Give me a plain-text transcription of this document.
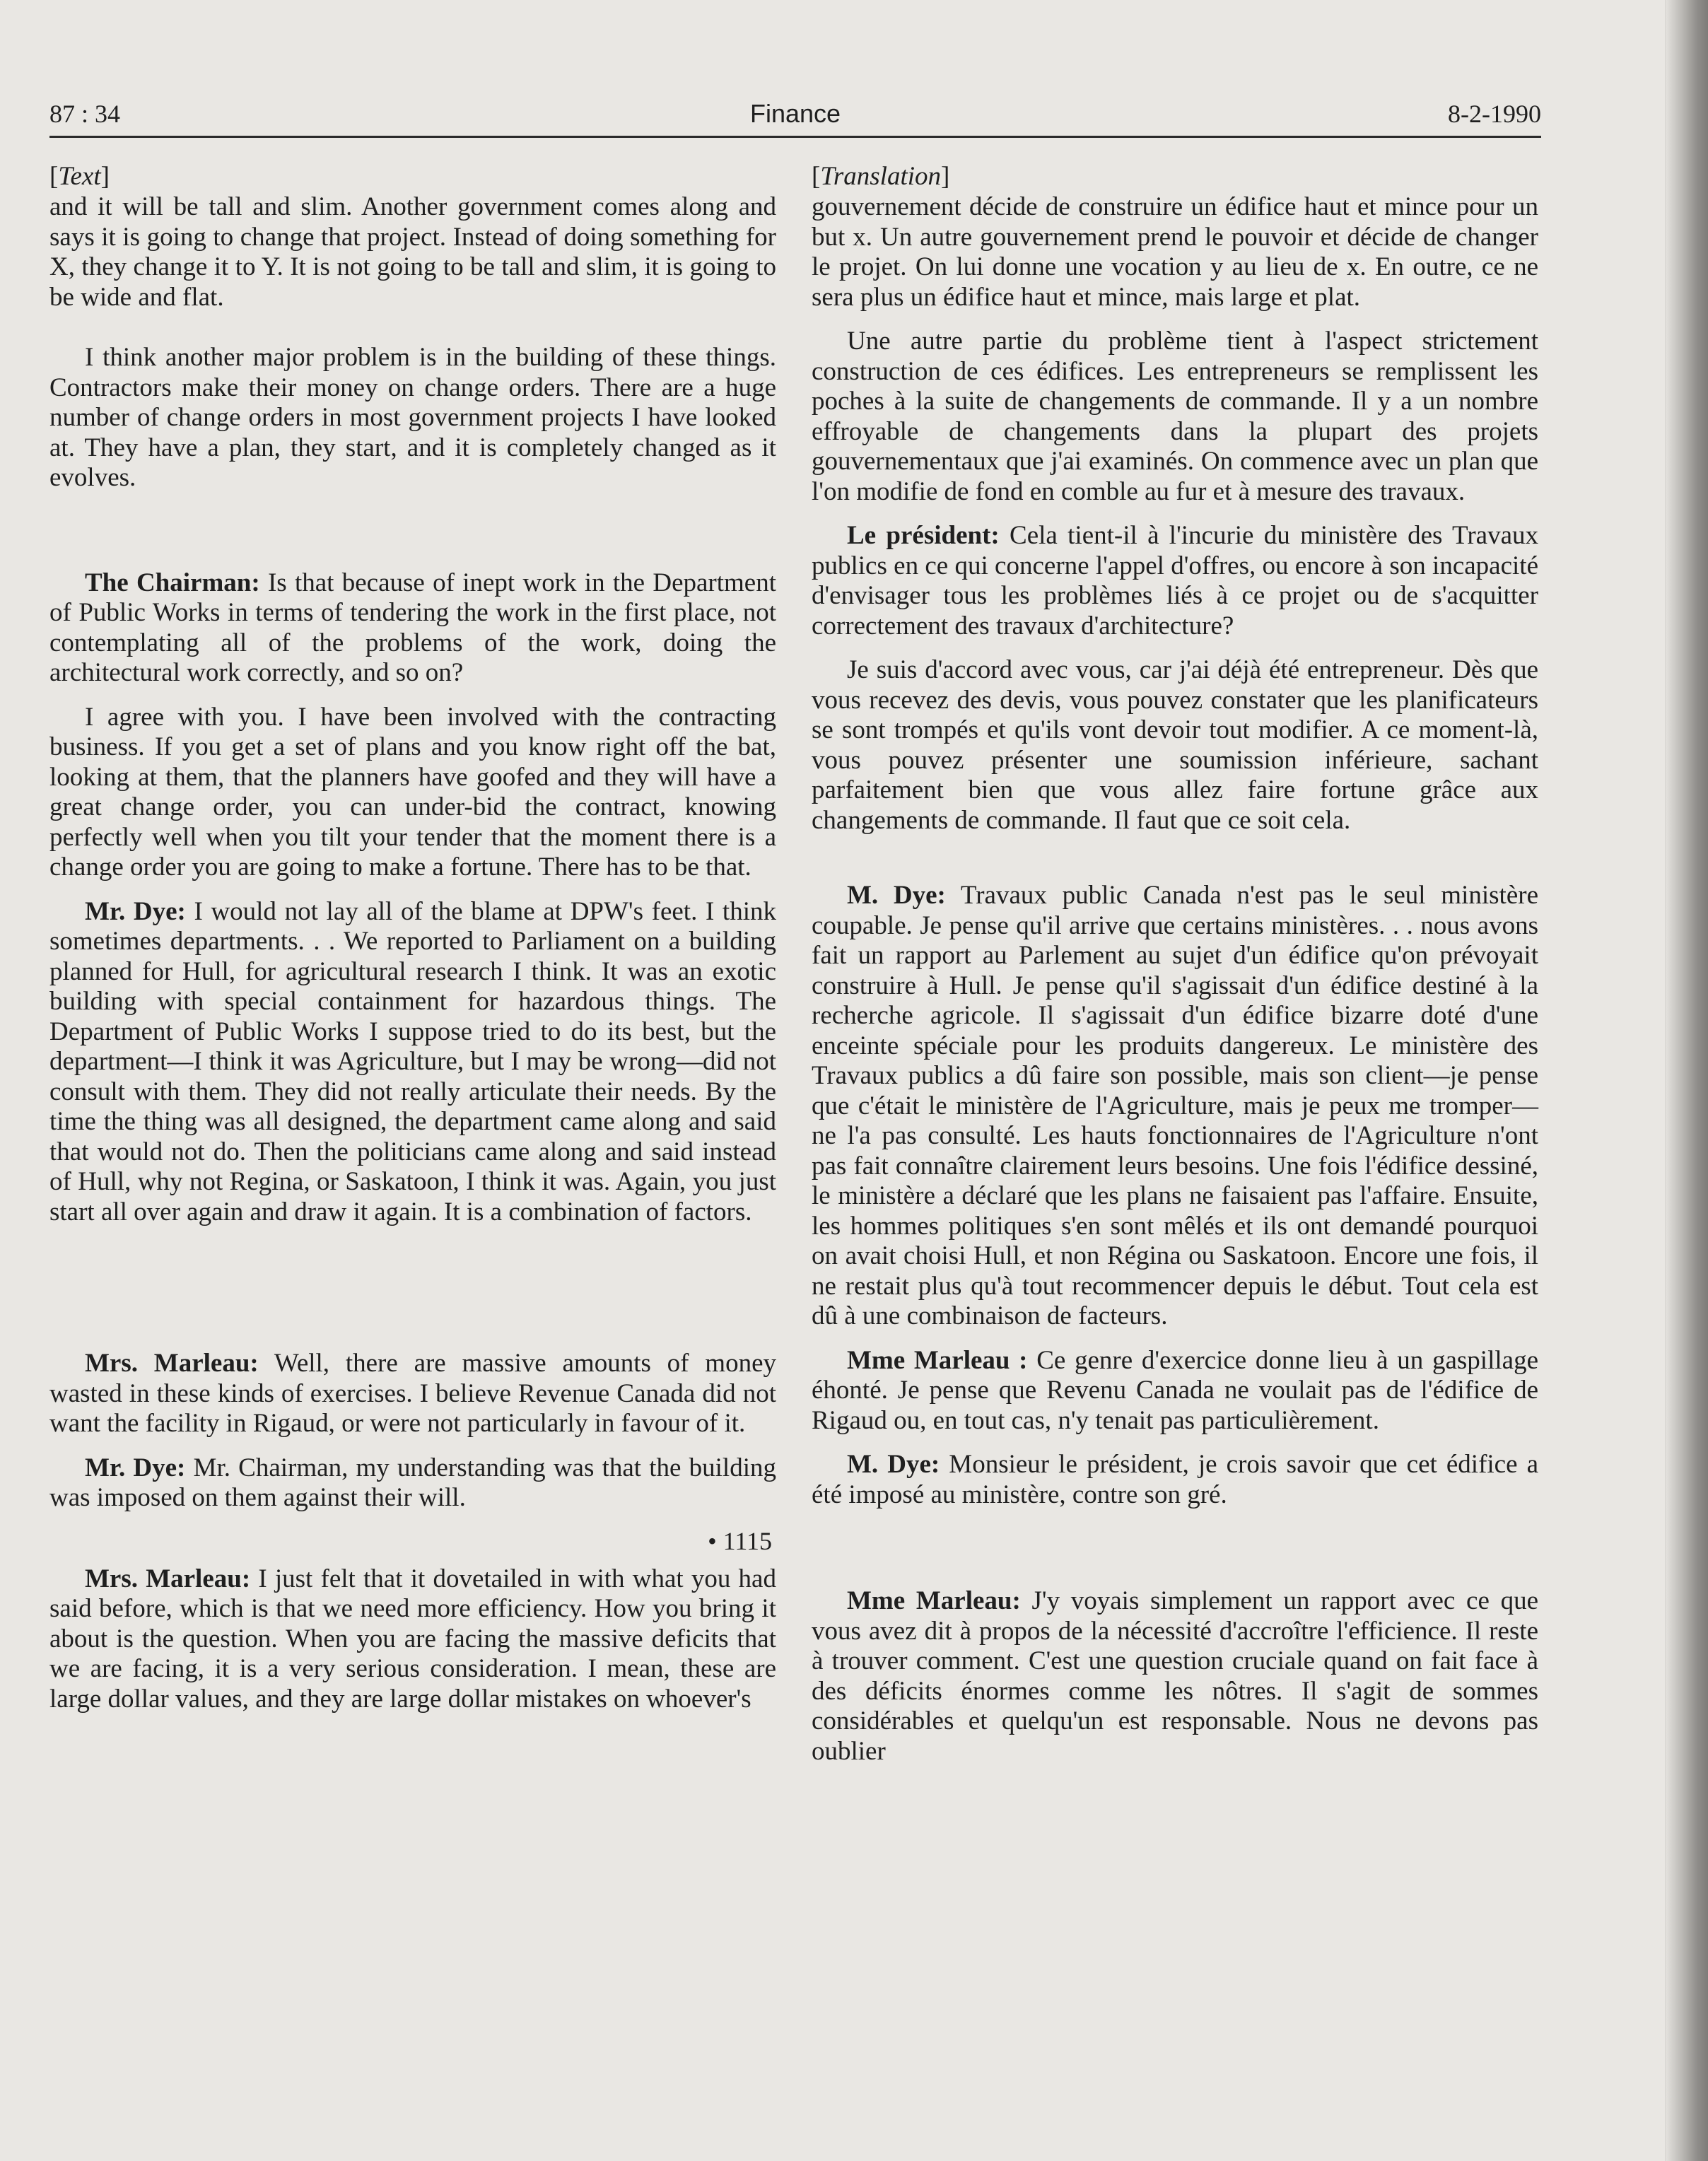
87 : 34	Finance	8-2-1990
[Text]

and it will be tall and slim. Another government comes along and says it is going to change that project. Instead of doing something for X, they change it to Y. It is not going to be tall and slim, it is going to be wide and flat.

I think another major problem is in the building of these things. Contractors make their money on change orders. There are a huge number of change orders in most government projects I have looked at. They have a plan, they start, and it is completely changed as it evolves.

The Chairman: Is that because of inept work in the Department of Public Works in terms of tendering the work in the first place, not contemplating all of the problems of the work, doing the architectural work correctly, and so on?

I agree with you. I have been involved with the contracting business. If you get a set of plans and you know right off the bat, looking at them, that the planners have goofed and they will have a great change order, you can under-bid the contract, knowing perfectly well when you tilt your tender that the moment there is a change order you are going to make a fortune. There has to be that.

Mr. Dye: I would not lay all of the blame at DPW's feet. I think sometimes departments. . . We reported to Parliament on a building planned for Hull, for agricultural research I think. It was an exotic building with special containment for hazardous things. The Department of Public Works I suppose tried to do its best, but the department—I think it was Agriculture, but I may be wrong—did not consult with them. They did not really articulate their needs. By the time the thing was all designed, the department came along and said that would not do. Then the politicians came along and said instead of Hull, why not Regina, or Saskatoon, I think it was. Again, you just start all over again and draw it again. It is a combination of factors.

Mrs. Marleau: Well, there are massive amounts of money wasted in these kinds of exercises. I believe Revenue Canada did not want the facility in Rigaud, or were not particularly in favour of it.

Mr. Dye: Mr. Chairman, my understanding was that the building was imposed on them against their will.

• 1115

Mrs. Marleau: I just felt that it dovetailed in with what you had said before, which is that we need more efficiency. How you bring it about is the question. When you are facing the massive deficits that we are facing, it is a very serious consideration. I mean, these are large dollar values, and they are large dollar mistakes on whoever's

[Translation]

gouvernement décide de construire un édifice haut et mince pour un but x. Un autre gouvernement prend le pouvoir et décide de changer le projet. On lui donne une vocation y au lieu de x. En outre, ce ne sera plus un édifice haut et mince, mais large et plat.

Une autre partie du problème tient à l'aspect strictement construction de ces édifices. Les entrepreneurs se remplissent les poches à la suite de changements de commande. Il y a un nombre effroyable de changements dans la plupart des projets gouvernementaux que j'ai examinés. On commence avec un plan que l'on modifie de fond en comble au fur et à mesure des travaux.

Le président: Cela tient-il à l'incurie du ministère des Travaux publics en ce qui concerne l'appel d'offres, ou encore à son incapacité d'envisager tous les problèmes liés à ce projet ou de s'acquitter correctement des travaux d'architecture?

Je suis d'accord avec vous, car j'ai déjà été entrepreneur. Dès que vous recevez des devis, vous pouvez constater que les planificateurs se sont trompés et qu'ils vont devoir tout modifier. A ce moment-là, vous pouvez présenter une soumission inférieure, sachant parfaitement bien que vous allez faire fortune grâce aux changements de commande. Il faut que ce soit cela.

M. Dye: Travaux public Canada n'est pas le seul ministère coupable. Je pense qu'il arrive que certains ministères. . . nous avons fait un rapport au Parlement au sujet d'un édifice qu'on prévoyait construire à Hull. Je pense qu'il s'agissait d'un édifice destiné à la recherche agricole. Il s'agissait d'un édifice bizarre doté d'une enceinte spéciale pour les produits dangereux. Le ministère des Travaux publics a dû faire son possible, mais son client—je pense que c'était le ministère de l'Agriculture, mais je peux me tromper—ne l'a pas consulté. Les hauts fonctionnaires de l'Agriculture n'ont pas fait connaître clairement leurs besoins. Une fois l'édifice dessiné, le ministère a déclaré que les plans ne faisaient pas l'affaire. Ensuite, les hommes politiques s'en sont mêlés et ils ont demandé pourquoi on avait choisi Hull, et non Régina ou Saskatoon. Encore une fois, il ne restait plus qu'à tout recommencer depuis le début. Tout cela est dû à une combinaison de facteurs.

Mme Marleau : Ce genre d'exercice donne lieu à un gaspillage éhonté. Je pense que Revenu Canada ne voulait pas de l'édifice de Rigaud ou, en tout cas, n'y tenait pas particulièrement.

M. Dye: Monsieur le président, je crois savoir que cet édifice a été imposé au ministère, contre son gré.

Mme Marleau: J'y voyais simplement un rapport avec ce que vous avez dit à propos de la nécessité d'accroître l'efficience. Il reste à trouver comment. C'est une question cruciale quand on fait face à des déficits énormes comme les nôtres. Il s'agit de sommes considérables et quelqu'un est responsable. Nous ne devons pas oublier
